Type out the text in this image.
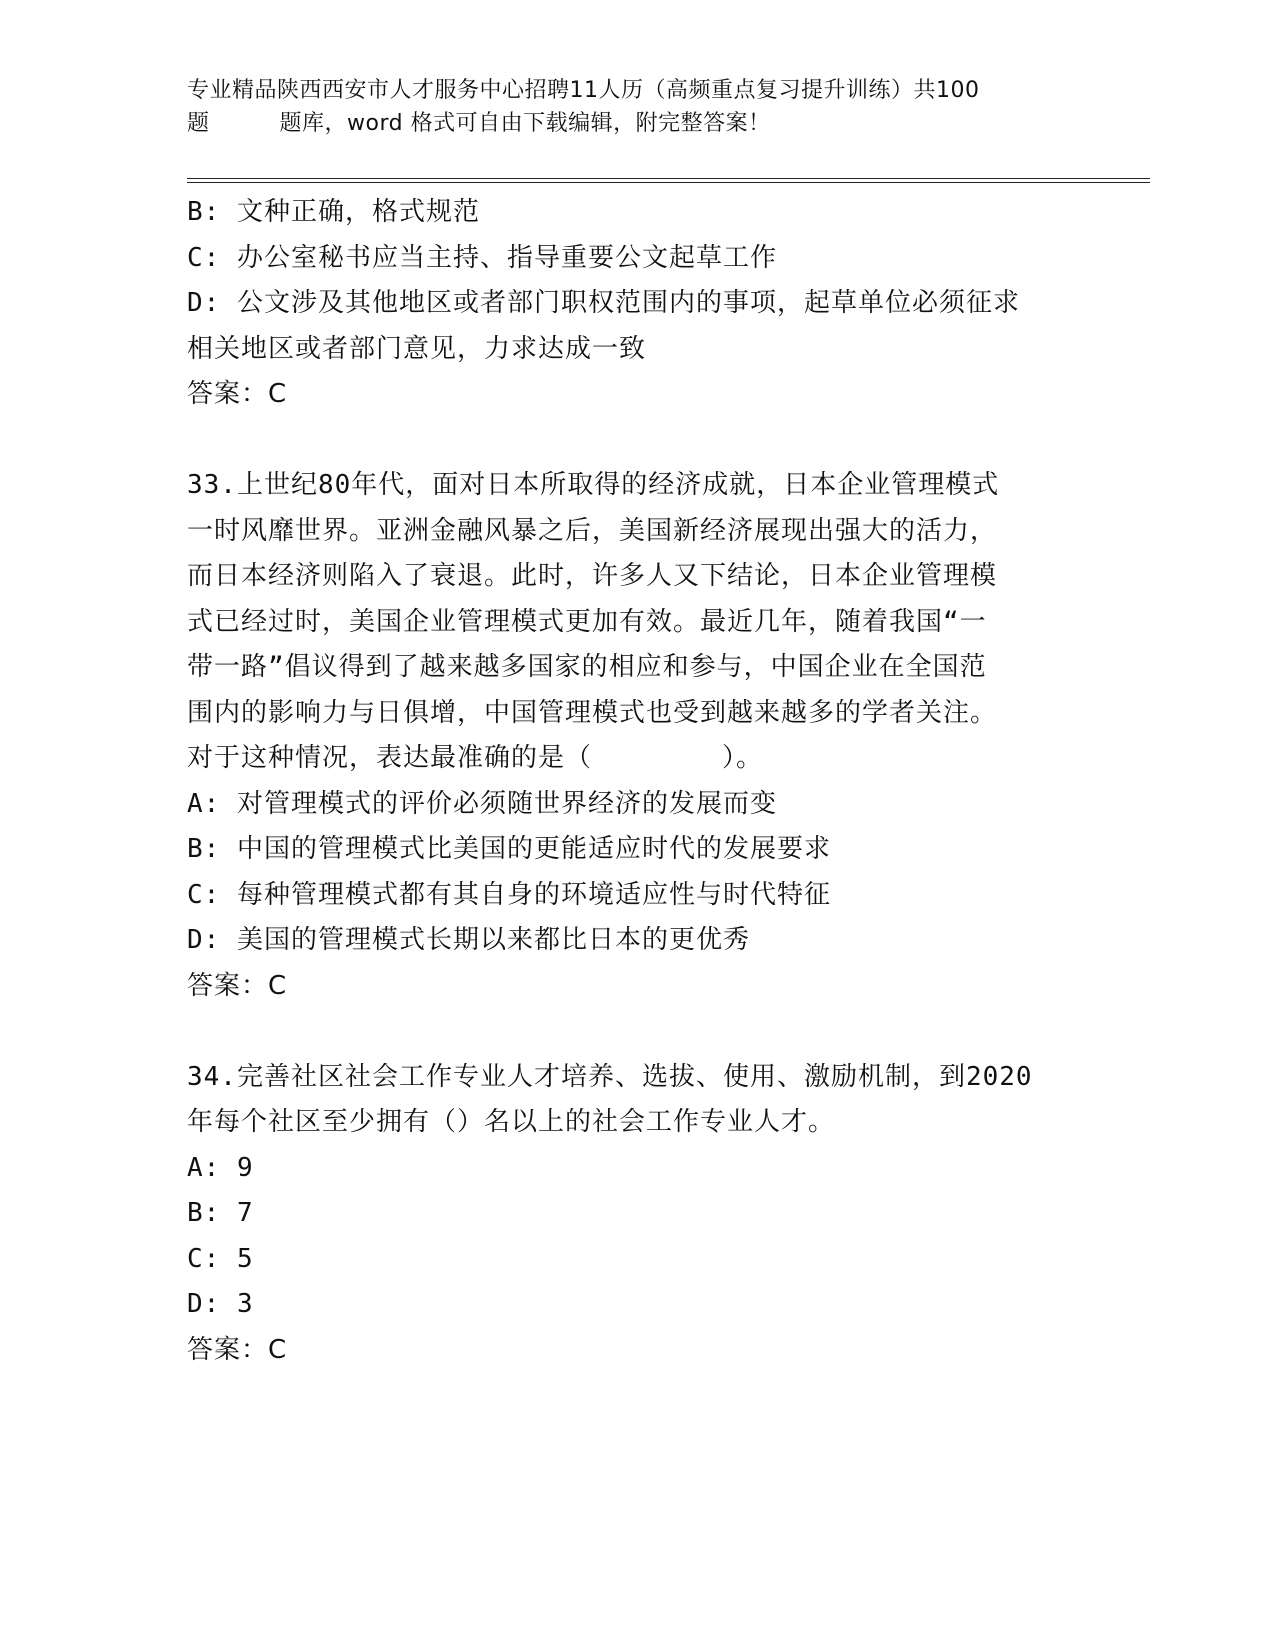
专业精品陕西西安市人才服务中心招聘11人历（高频重点复习提升训练）共100
题	题库，word 格式可自由下载编辑，附完整答案！
B: 文种正确，格式规范
C: 办公室秘书应当主持、指导重要公文起草工作
D: 公文涉及其他地区或者部门职权范围内的事项，起草单位必须征求
相关地区或者部门意见，力求达成一致
答案：C
33.上世纪80年代，面对日本所取得的经济成就，日本企业管理模式
一时风靡世界。亚洲金融风暴之后，美国新经济展现出强大的活力，
而日本经济则陷入了衰退。此时，许多人又下结论，日本企业管理模
式已经过时，美国企业管理模式更加有效。最近几年，随着我国“一
带一路”倡议得到了越来越多国家的相应和参与，中国企业在全国范
围内的影响力与日俱增，中国管理模式也受到越来越多的学者关注。
对于这种情况，表达最准确的是（	）。
A: 对管理模式的评价必须随世界经济的发展而变
B: 中国的管理模式比美国的更能适应时代的发展要求
C: 每种管理模式都有其自身的环境适应性与时代特征
D: 美国的管理模式长期以来都比日本的更优秀
答案：C
34.完善社区社会工作专业人才培养、选拔、使用、激励机制，到2020
年每个社区至少拥有（）名以上的社会工作专业人才。
A: 9
B: 7
C: 5
D: 3
答案：C
